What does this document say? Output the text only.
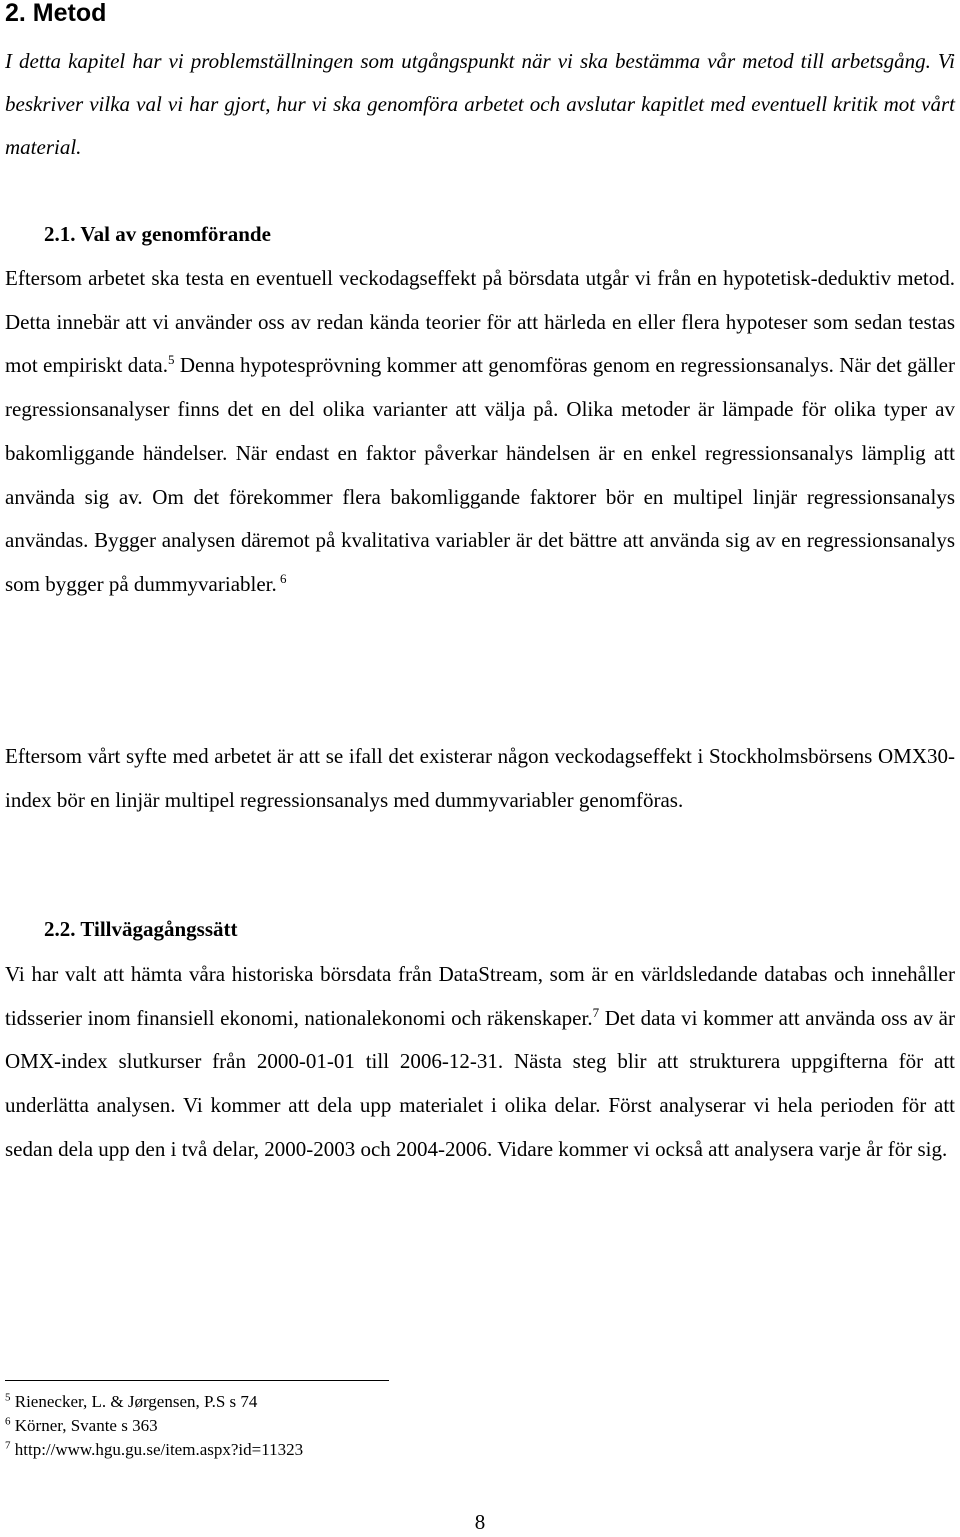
2. Metod

I detta kapitel har vi problemställningen som utgångspunkt när vi ska bestämma vår metod till arbetsgång. Vi beskriver vilka val vi har gjort, hur vi ska genomföra arbetet och avslutar kapitlet med eventuell kritik mot vårt material.

2.1. Val av genomförande

Eftersom arbetet ska testa en eventuell veckodagseffekt på börsdata utgår vi från en hypotetisk-deduktiv metod. Detta innebär att vi använder oss av redan kända teorier för att härleda en eller flera hypoteser som sedan testas mot empiriskt data.$^5$ Denna hypotesprövning kommer att genomföras genom en regressionsanalys. När det gäller regressionsanalyser finns det en del olika varianter att välja på. Olika metoder är lämpade för olika typer av bakomliggande händelser. När endast en faktor påverkar händelsen är en enkel regressionsanalys lämplig att använda sig av. Om det förekommer flera bakomliggande faktorer bör en multipel linjär regressionsanalys användas. Bygger analysen däremot på kvalitativa variabler är det bättre att använda sig av en regressionsanalys som bygger på dummyvariabler. $^6$

Eftersom vårt syfte med arbetet är att se ifall det existerar någon veckodagseffekt i Stockholmsbörsens OMX30-index bör en linjär multipel regressionsanalys med dummyvariabler genomföras.

2.2. Tillvägagångssätt

Vi har valt att hämta våra historiska börsdata från DataStream, som är en världsledande databas och innehåller tidsserier inom finansiell ekonomi, nationalekonomi och räkenskaper.$^7$ Det data vi kommer att använda oss av är OMX-index slutkurser från 2000-01-01 till 2006-12-31. Nästa steg blir att strukturera uppgifterna för att underlätta analysen. Vi kommer att dela upp materialet i olika delar. Först analyserar vi hela perioden för att sedan dela upp den i två delar, 2000-2003 och 2004-2006. Vidare kommer vi också att analysera varje år för sig.

$^5$ Rienecker, L. & Jørgensen, P.S s 74

$^6$ Körner, Svante s 363

$^7$ http://www.hgu.gu.se/item.aspx?id=11323

8
